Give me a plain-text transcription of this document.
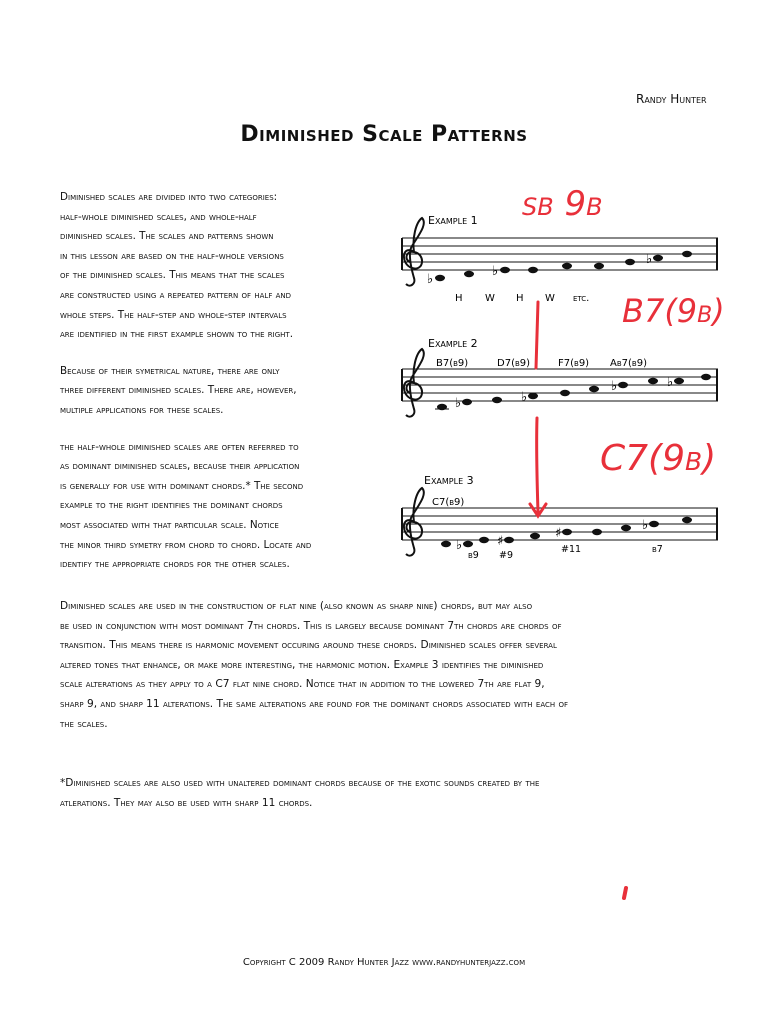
Randy Hunter
Diminished Scale Patterns
Diminished scales are divided into two categories:
half-whole diminished scales, and whole-half
diminished scales. The scales and patterns shown
in this lesson are based on the half-whole versions
of the diminished scales. This means that the scales
are constructed using a repeated pattern of half and
whole steps. The half-step and whole-step intervals
are identified in the first example shown to the right.
Because of their symetrical nature, there are only
three different diminished scales. There are, however,
multiple applications for these scales.
the half-whole diminished scales are often referred to
as dominant diminished scales, because their application
is generally for use with dominant chords.* The second
example to the right identifies the dominant chords
most associated with that particular scale. Notice
the minor third symetry from chord to chord. Locate and
identify the appropriate chords for the other scales.
Diminished scales are used in the construction of flat nine (also known as sharp nine) chords, but may also
be used in conjunction with most dominant 7th chords. This is largely because dominant 7th chords are chords of
transition. This means there is harmonic movement occuring around these chords. Diminished scales offer several
altered tones that enhance, or make more interesting, the harmonic motion. Example 3 identifies the diminished
scale alterations as they apply to a C7 flat nine chord. Notice that in addition to the lowered 7th are flat 9,
sharp 9, and sharp 11 alterations. The same alterations are found for the dominant chords associated with each of
the scales.
*Diminished scales are also used with unaltered dominant chords because of the exotic sounds created by the
atlerations. They may also be used with sharp 11 chords.
Copyright C 2009 Randy Hunter Jazz www.randyhunterjazz.com
Example 1
♭
♭
♭
H W H W etc.
Example 2
B7(b9)	D7(b9)	F7(b9) Ab7(b9)
♭	♭
♭	♭
Example 3
C7(b9)
♭	♯
♯
♭
b9 #9
#11	b7
sb 9b
B7(9b)
C7(9b)
